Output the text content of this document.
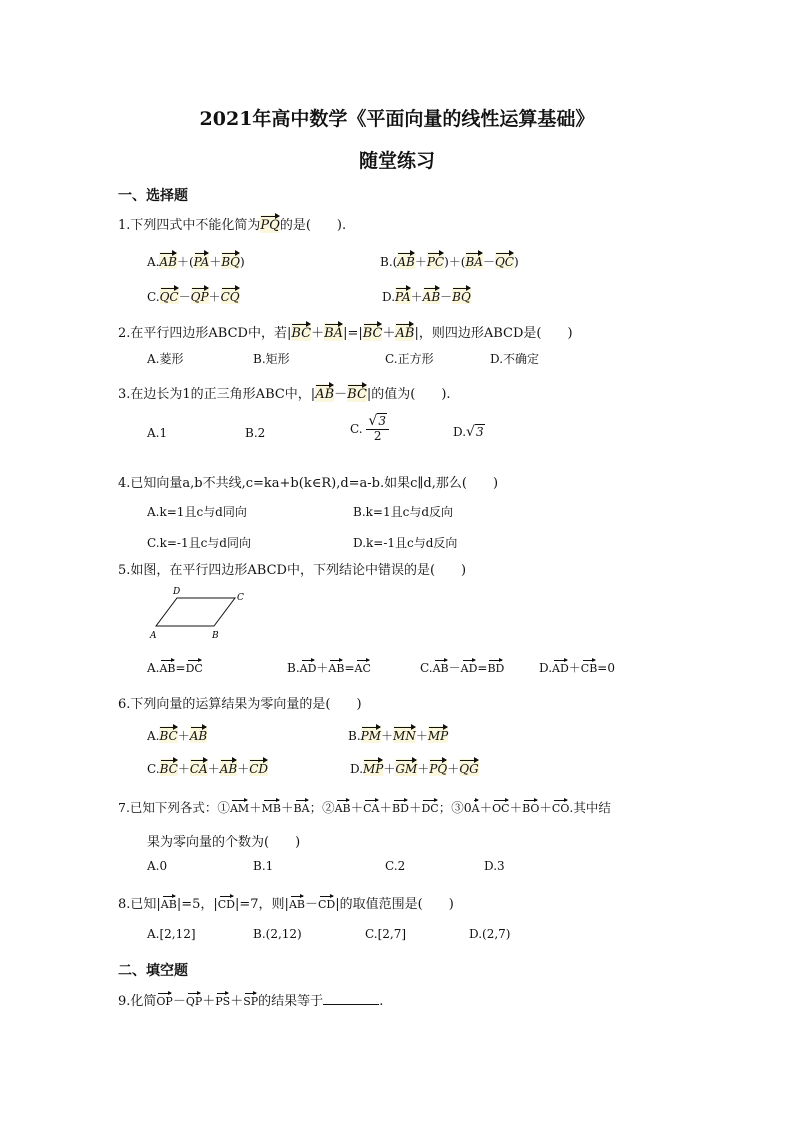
2021年高中数学《平面向量的线性运算基础》
随堂练习
一、选择题
1.下列四式中不能化简为PQ的是(　　).
A.AB＋(PA＋BQ)	B.(AB＋PC)＋(BA－QC)
C.QC－QP＋CQ	D.PA＋AB－BQ
2.在平行四边形ABCD中，若|BC＋BA|=|BC＋AB|，则四边形ABCD是(　　)
A.菱形	B.矩形	C.正方形	D.不确定
3.在边长为1的正三角形ABC中，|AB－BC|的值为(　　).
A.1	B.2	C. $\frac{√3}{2}$	D.√3
4.已知向量a,b不共线,c=ka+b(k∈R),d=a-b.如果c∥d,那么(　　)
A.k=1且c与d同向	B.k=1且c与d反向
C.k=-1且c与d同向	D.k=-1且c与d反向
5.如图，在平行四边形ABCD中，下列结论中错误的是(　　)
A	B
C
D
A.AB=DC	B.AD＋AB=AC	C.AB－AD=BD	D.AD＋CB=0
6.下列向量的运算结果为零向量的是(　　)
A.BC＋AB	B.PM＋MN＋MP
C.BC＋CA＋AB＋CD	D.MP＋GM＋PQ＋QG
7.已知下列各式：①AM＋MB＋BA；②AB＋CA＋BD＋DC；③0A＋OC＋BO＋CO.其中结
果为零向量的个数为(　　)
A.0	B.1	C.2	D.3
8.已知|AB|=5，|CD|=7，则|AB－CD|的取值范围是(　　)
A.[2,12]	B.(2,12)	C.[2,7]	D.(2,7)
二、填空题
9.化简OP－QP＋PS＋SP的结果等于	.
